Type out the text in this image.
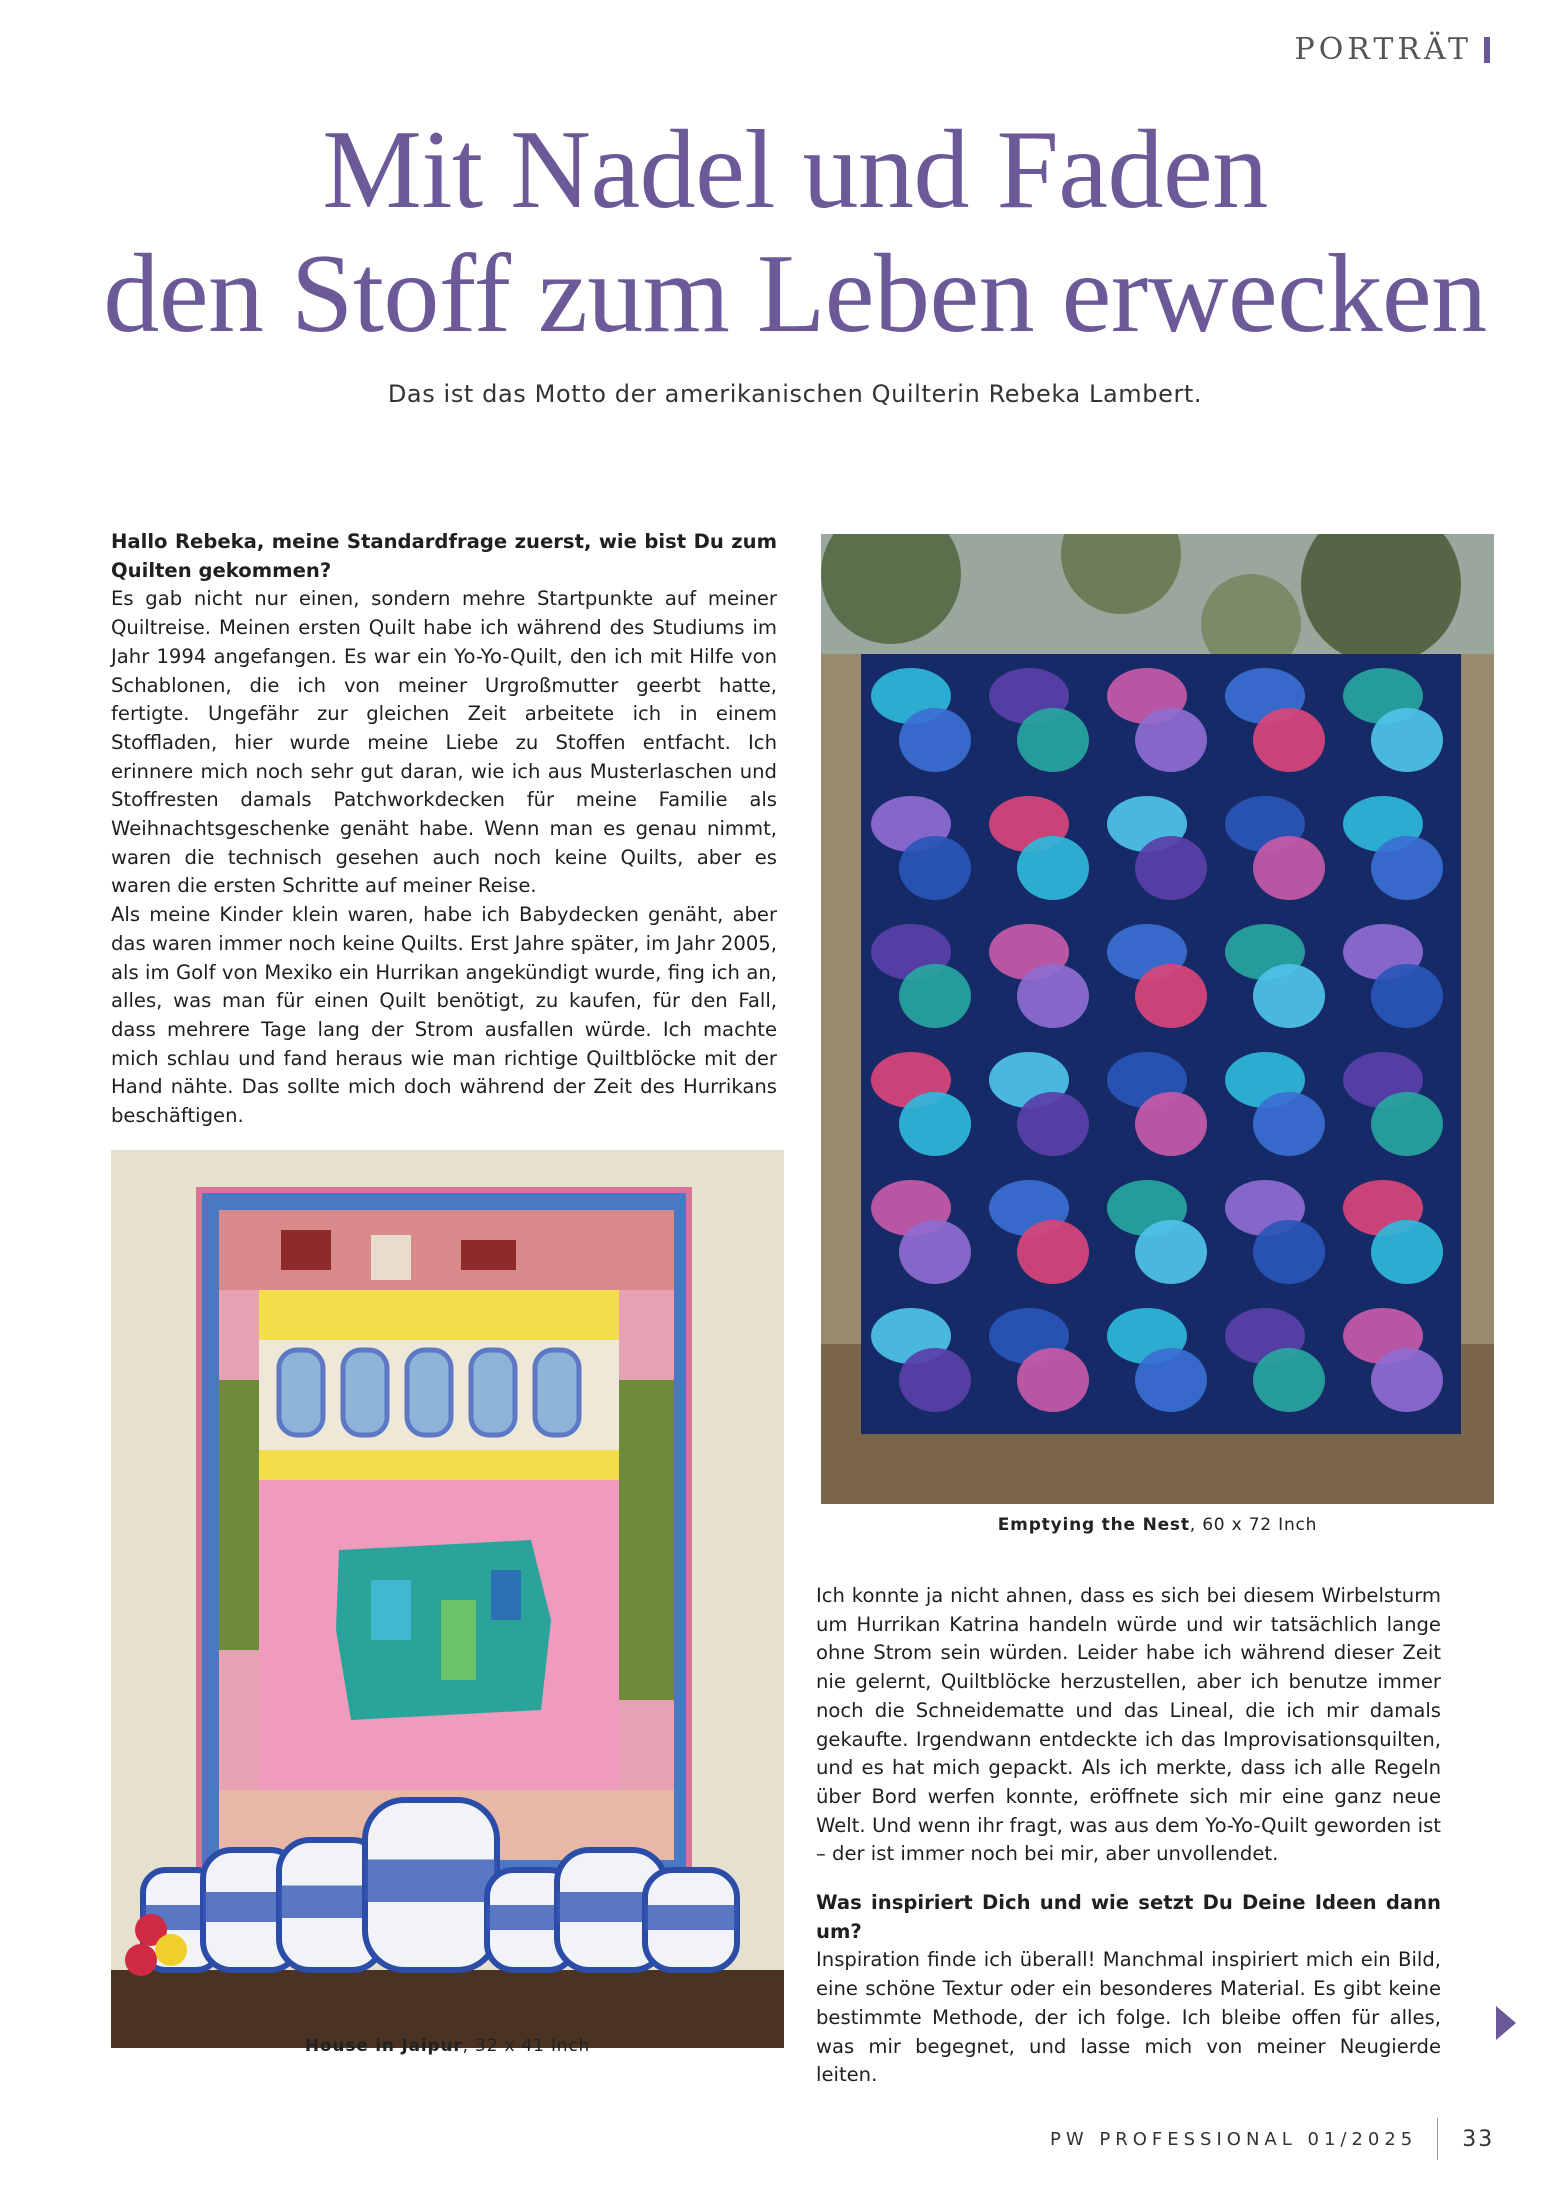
PORTRÄT
Mit Nadel und Faden
den Stoff zum Leben erwecken
Das ist das Motto der amerikanischen Quilterin Rebeka Lambert.

Hallo Rebeka, meine Standardfrage zuerst, wie bist Du zum Quilten gekommen?

Es gab nicht nur einen, sondern mehre Startpunkte auf meiner Quiltreise. Meinen ersten Quilt habe ich während des Studiums im Jahr 1994 angefangen. Es war ein Yo-Yo-Quilt, den ich mit Hilfe von Schablonen, die ich von meiner Urgroßmutter geerbt hatte, fertigte. Ungefähr zur gleichen Zeit arbeitete ich in einem Stoffladen, hier wurde meine Liebe zu Stoffen entfacht. Ich erinnere mich noch sehr gut daran, wie ich aus Musterlaschen und Stoffresten damals Patchworkdecken für meine Familie als Weihnachtsgeschenke genäht habe. Wenn man es genau nimmt, waren die technisch gesehen auch noch keine Quilts, aber es waren die ersten Schritte auf meiner Reise.

Als meine Kinder klein waren, habe ich Babydecken genäht, aber das waren immer noch keine Quilts. Erst Jahre später, im Jahr 2005, als im Golf von Mexiko ein Hurrikan angekündigt wurde, fing ich an, alles, was man für einen Quilt benötigt, zu kaufen, für den Fall, dass mehrere Tage lang der Strom ausfallen würde. Ich machte mich schlau und fand heraus wie man richtige Quiltblöcke mit der Hand nähte. Das sollte mich doch während der Zeit des Hurrikans beschäftigen.

Emptying the Nest, 60 x 72 Inch
House in Jaipur, 32 x 41 Inch

Ich konnte ja nicht ahnen, dass es sich bei diesem Wirbelsturm um Hurrikan Katrina handeln würde und wir tatsächlich lange ohne Strom sein würden. Leider habe ich während dieser Zeit nie gelernt, Quiltblöcke herzustellen, aber ich benutze immer noch die Schneidematte und das Lineal, die ich mir damals gekaufte. Irgendwann entdeckte ich das Improvisationsquilten, und es hat mich gepackt. Als ich merkte, dass ich alle Regeln über Bord werfen konnte, eröffnete sich mir eine ganz neue Welt. Und wenn ihr fragt, was aus dem Yo-Yo-Quilt geworden ist – der ist immer noch bei mir, aber unvollendet.

Was inspiriert Dich und wie setzt Du Deine Ideen dann um?

Inspiration finde ich überall! Manchmal inspiriert mich ein Bild, eine schöne Textur oder ein besonderes Material. Es gibt keine bestimmte Methode, der ich folge. Ich bleibe offen für alles, was mir begegnet, und lasse mich von meiner Neugierde leiten.

PW PROFESSIONAL 01/2025 33
